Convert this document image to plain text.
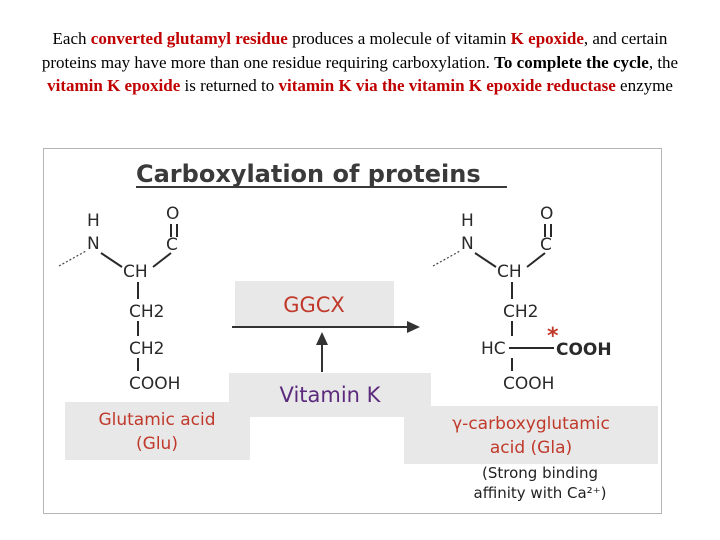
Each converted glutamyl residue produces a molecule of vitamin K epoxide, and certain proteins may have more than one residue requiring carboxylation. To complete the cycle, the vitamin K epoxide is returned to vitamin K via the vitamin K epoxide reductase enzyme
Carboxylation of proteins
H
N
O
C
CH
CH2
CH2
COOH
Glutamic acid
(Glu)
GGCX
Vitamin K
H
N
O
C
CH
CH2
HC *
COOH
COOH
γ-carboxyglutamic
acid (Gla)
(Strong binding
affinity with Ca²⁺)
